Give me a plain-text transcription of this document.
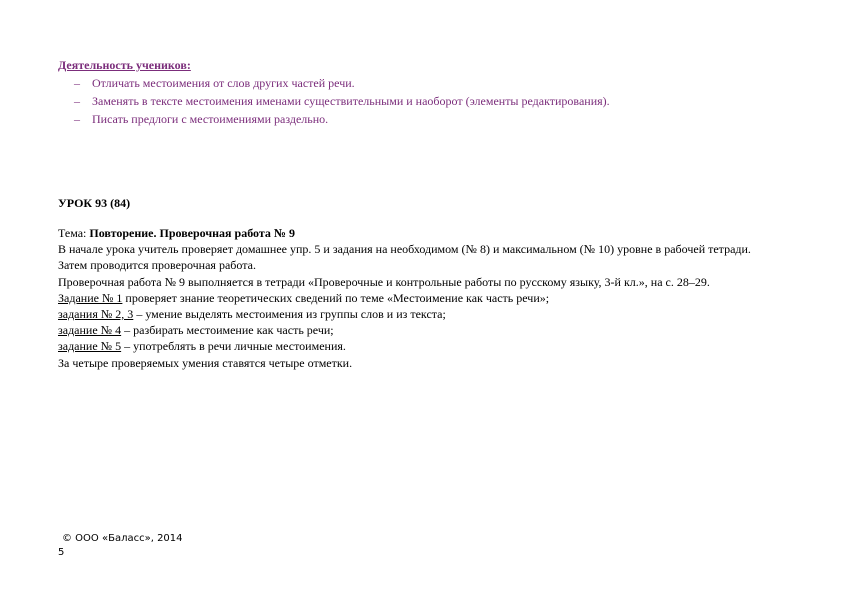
Деятельность учеников:
– Отличать местоимения от слов других частей речи.
– Заменять в тексте местоимения именами существительными и наоборот (элементы редактирования).
– Писать предлоги с местоимениями раздельно.
УРОК 93 (84)

Тема: Повторение. Проверочная работа № 9

В начале урока учитель проверяет домашнее упр. 5 и задания на необходимом (№ 8) и максимальном (№ 10) уровне в рабочей тетради.

Затем проводится проверочная работа.

Проверочная работа № 9 выполняется в тетради «Проверочные и контрольные работы по русскому языку, 3-й кл.», на с. 28–29.

Задание № 1 проверяет знание теоретических сведений по теме «Местоимение как часть речи»;

задания № 2, 3 – умение выделять местоимения из группы слов и из текста;

задание № 4 – разбирать местоимение как часть речи;

задание № 5 – употреблять в речи личные местоимения.

За четыре проверяемых умения ставятся четыре отметки.

© ООО «Баласс», 2014
5
